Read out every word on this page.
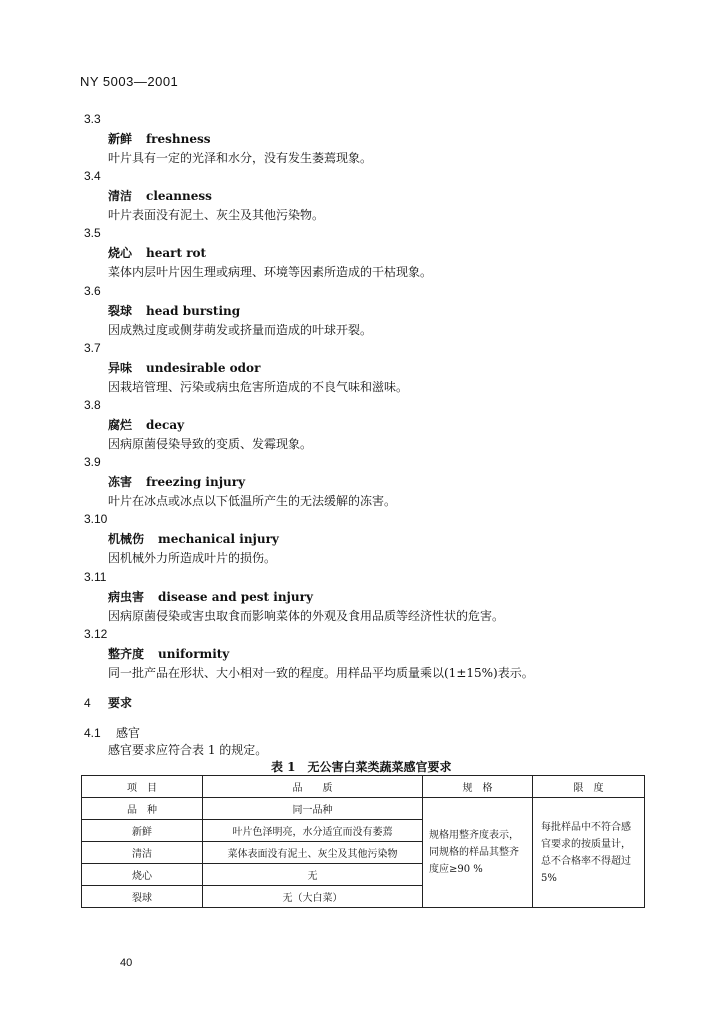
NY 5003—2001
3.3
新鲜 freshness
叶片具有一定的光泽和水分，没有发生萎蔫现象。
3.4
清洁 cleanness
叶片表面没有泥土、灰尘及其他污染物。
3.5
烧心 heart rot
菜体内层叶片因生理或病理、环境等因素所造成的干枯现象。
3.6
裂球 head bursting
因成熟过度或侧芽萌发或挤量而造成的叶球开裂。
3.7
异味 undesirable odor
因栽培管理、污染或病虫危害所造成的不良气味和滋味。
3.8
腐烂 decay
因病原菌侵染导致的变质、发霉现象。
3.9
冻害 freezing injury
叶片在冰点或冰点以下低温所产生的无法缓解的冻害。
3.10
机械伤 mechanical injury
因机械外力所造成叶片的损伤。
3.11
病虫害 disease and pest injury
因病原菌侵染或害虫取食而影响菜体的外观及食用品质等经济性状的危害。
3.12
整齐度 uniformity
同一批产品在形状、大小相对一致的程度。用样品平均质量乘以(1±15%)表示。
4 要求
4.1 感官
感官要求应符合表 1 的规定。
表 1　无公害白菜类蔬菜感官要求
项　目	品　　质	规　格	限　度
品　种	同一品种	规格用整齐度表示，同规格的样品其整齐度应≥90 %	每批样品中不符合感官要求的按质量计，总不合格率不得超过 5%
新鲜	叶片色泽明亮，水分适宜而没有萎蔫		
清洁	菜体表面没有泥土、灰尘及其他污染物		
烧心	无		
裂球	无（大白菜）		
40
